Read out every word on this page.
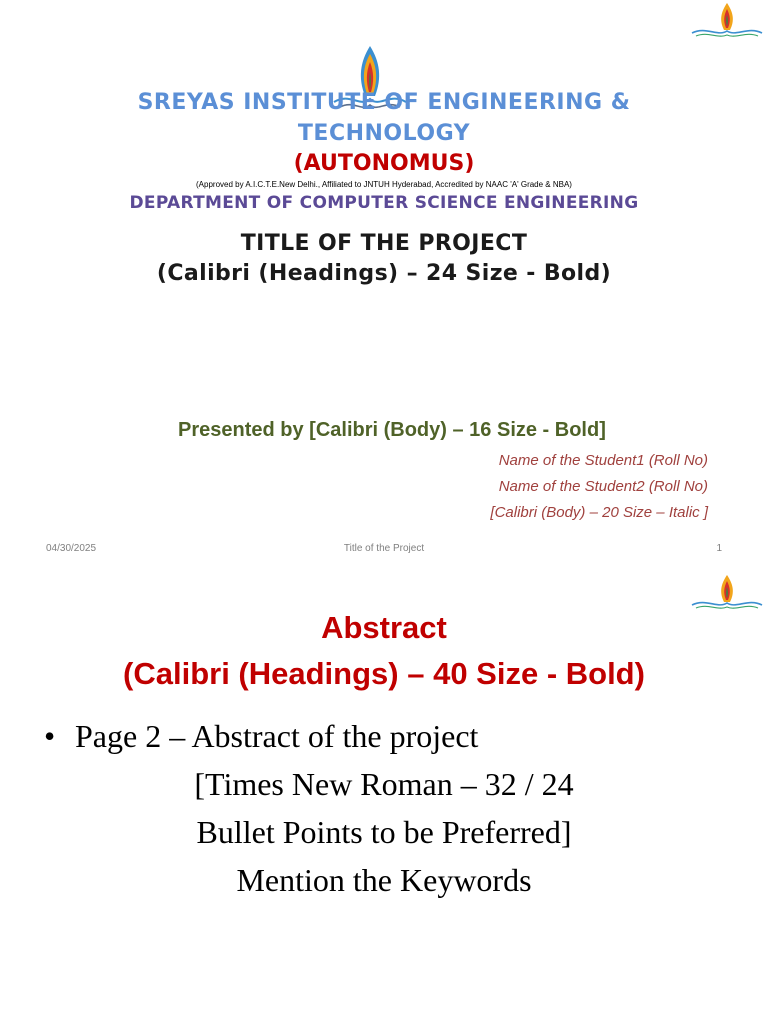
SREYAS INSTITUTE OF ENGINEERING &
TECHNOLOGY
(AUTONOMUS)
(Approved by A.I.C.T.E.New Delhi., Affiliated to JNTUH Hyderabad, Accredited by NAAC 'A' Grade & NBA)
DEPARTMENT OF COMPUTER SCIENCE ENGINEERING
TITLE OF THE PROJECT
(Calibri (Headings) – 24 Size - Bold)
Presented by [Calibri (Body) – 16 Size - Bold]
Name of the Student1 (Roll No)
Name of the Student2 (Roll No)
[Calibri (Body) – 20 Size – Italic ]
04/30/2025	Title of the Project	1
Abstract
(Calibri (Headings) – 40 Size - Bold)
• Page 2 – Abstract of the project
[Times New Roman – 32 / 24
Bullet Points to be Preferred]
Mention the Keywords
